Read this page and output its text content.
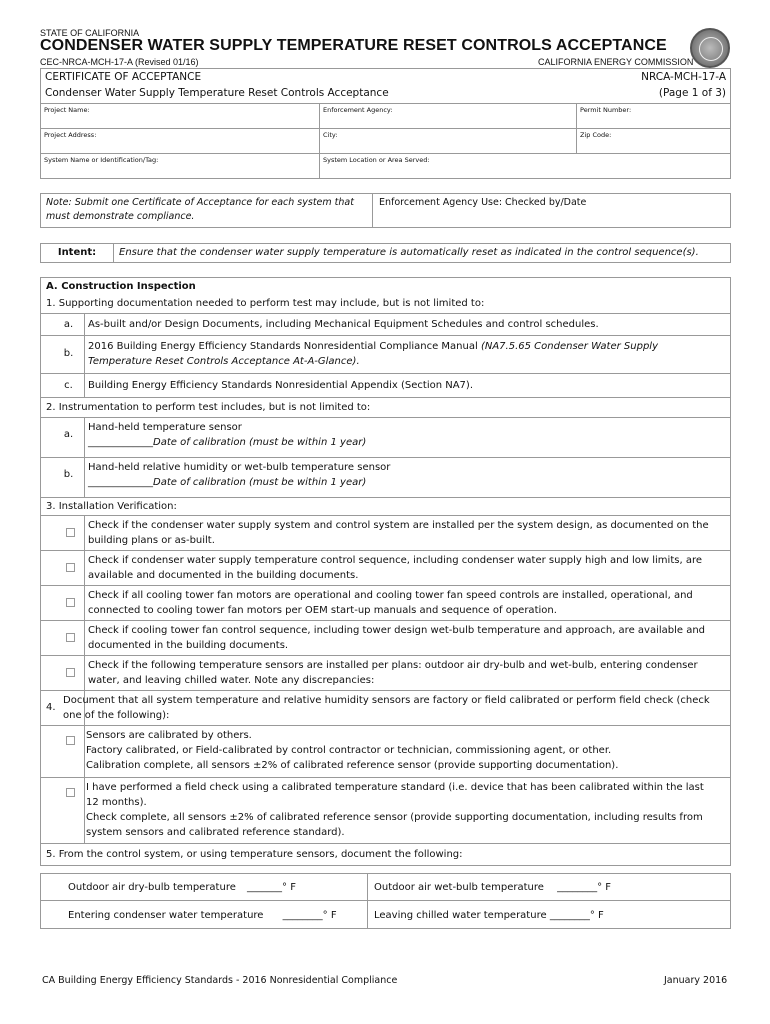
STATE OF CALIFORNIA
CONDENSER WATER SUPPLY TEMPERATURE RESET CONTROLS ACCEPTANCE
CEC-NRCA-MCH-17-A (Revised 01/16)	CALIFORNIA ENERGY COMMISSION
CERTIFICATE OF ACCEPTANCE NRCA-MCH-17-A		

Condenser Water Supply Temperature Reset Controls Acceptance (Page 1 of 3)		

Project Name:	Enforcement Agency:	Permit Number:
Project Address:	City:	Zip Code:
System Name or Identification/Tag:	System Location or Area Served:	
Note: Submit one Certificate of Acceptance for each system that must demonstrate compliance.	Enforcement Agency Use: Checked by/Date
Intent:	Ensure that the condenser water supply temperature is automatically reset as indicated in the control sequence(s).
A. Construction Inspection	
1. Supporting documentation needed to perform test may include, but is not limited to:	
a.	As-built and/or Design Documents, including Mechanical Equipment Schedules and control schedules.
b.	2016 Building Energy Efficiency Standards Nonresidential Compliance Manual (NA7.5.65 Condenser Water Supply
Temperature Reset Controls Acceptance At-A-Glance).
c.	Building Energy Efficiency Standards Nonresidential Appendix (Section NA7).
2. Instrumentation to perform test includes, but is not limited to:	
a.	Hand-held temperature sensor
_____________Date of calibration (must be within 1 year)
b.	Hand-held relative humidity or wet-bulb temperature sensor
_____________Date of calibration (must be within 1 year)
3. Installation Verification:	
	Check if the condenser water supply system and control system are installed per the system design, as documented on the
building plans or as-built.
	Check if condenser water supply temperature control sequence, including condenser water supply high and low limits, are
available and documented in the building documents.
	Check if all cooling tower fan motors are operational and cooling tower fan speed controls are installed, operational, and
connected to cooling tower fan motors per OEM start-up manuals and sequence of operation.
	Check if cooling tower fan control sequence, including tower design wet-bulb temperature and approach, are available and
documented in the building documents.
	Check if the following temperature sensors are installed per plans: outdoor air dry-bulb and wet-bulb, entering condenser
water, and leaving chilled water. Note any discrepancies:
4.	Document that all system temperature and relative humidity sensors are factory or field calibrated or perform field check (check
one of the following):

	Sensors are calibrated by others.
Factory calibrated, or Field-calibrated by control contractor or technician, commissioning agent, or other.
Calibration complete, all sensors ±2% of calibrated reference sensor (provide supporting documentation).
	I have performed a field check using a calibrated temperature standard (i.e. device that has been calibrated within the last
12 months).
Check complete, all sensors ±2% of calibrated reference sensor (provide supporting documentation, including results from
system sensors and calibrated reference standard).
5. From the control system, or using temperature sensors, document the following:	
Outdoor air dry-bulb temperature _______° F	Outdoor air wet-bulb temperature ________° F
Entering condenser water temperature ________° F	Leaving chilled water temperature ________° F
CA Building Energy Efficiency Standards - 2016 Nonresidential Compliance	January 2016
